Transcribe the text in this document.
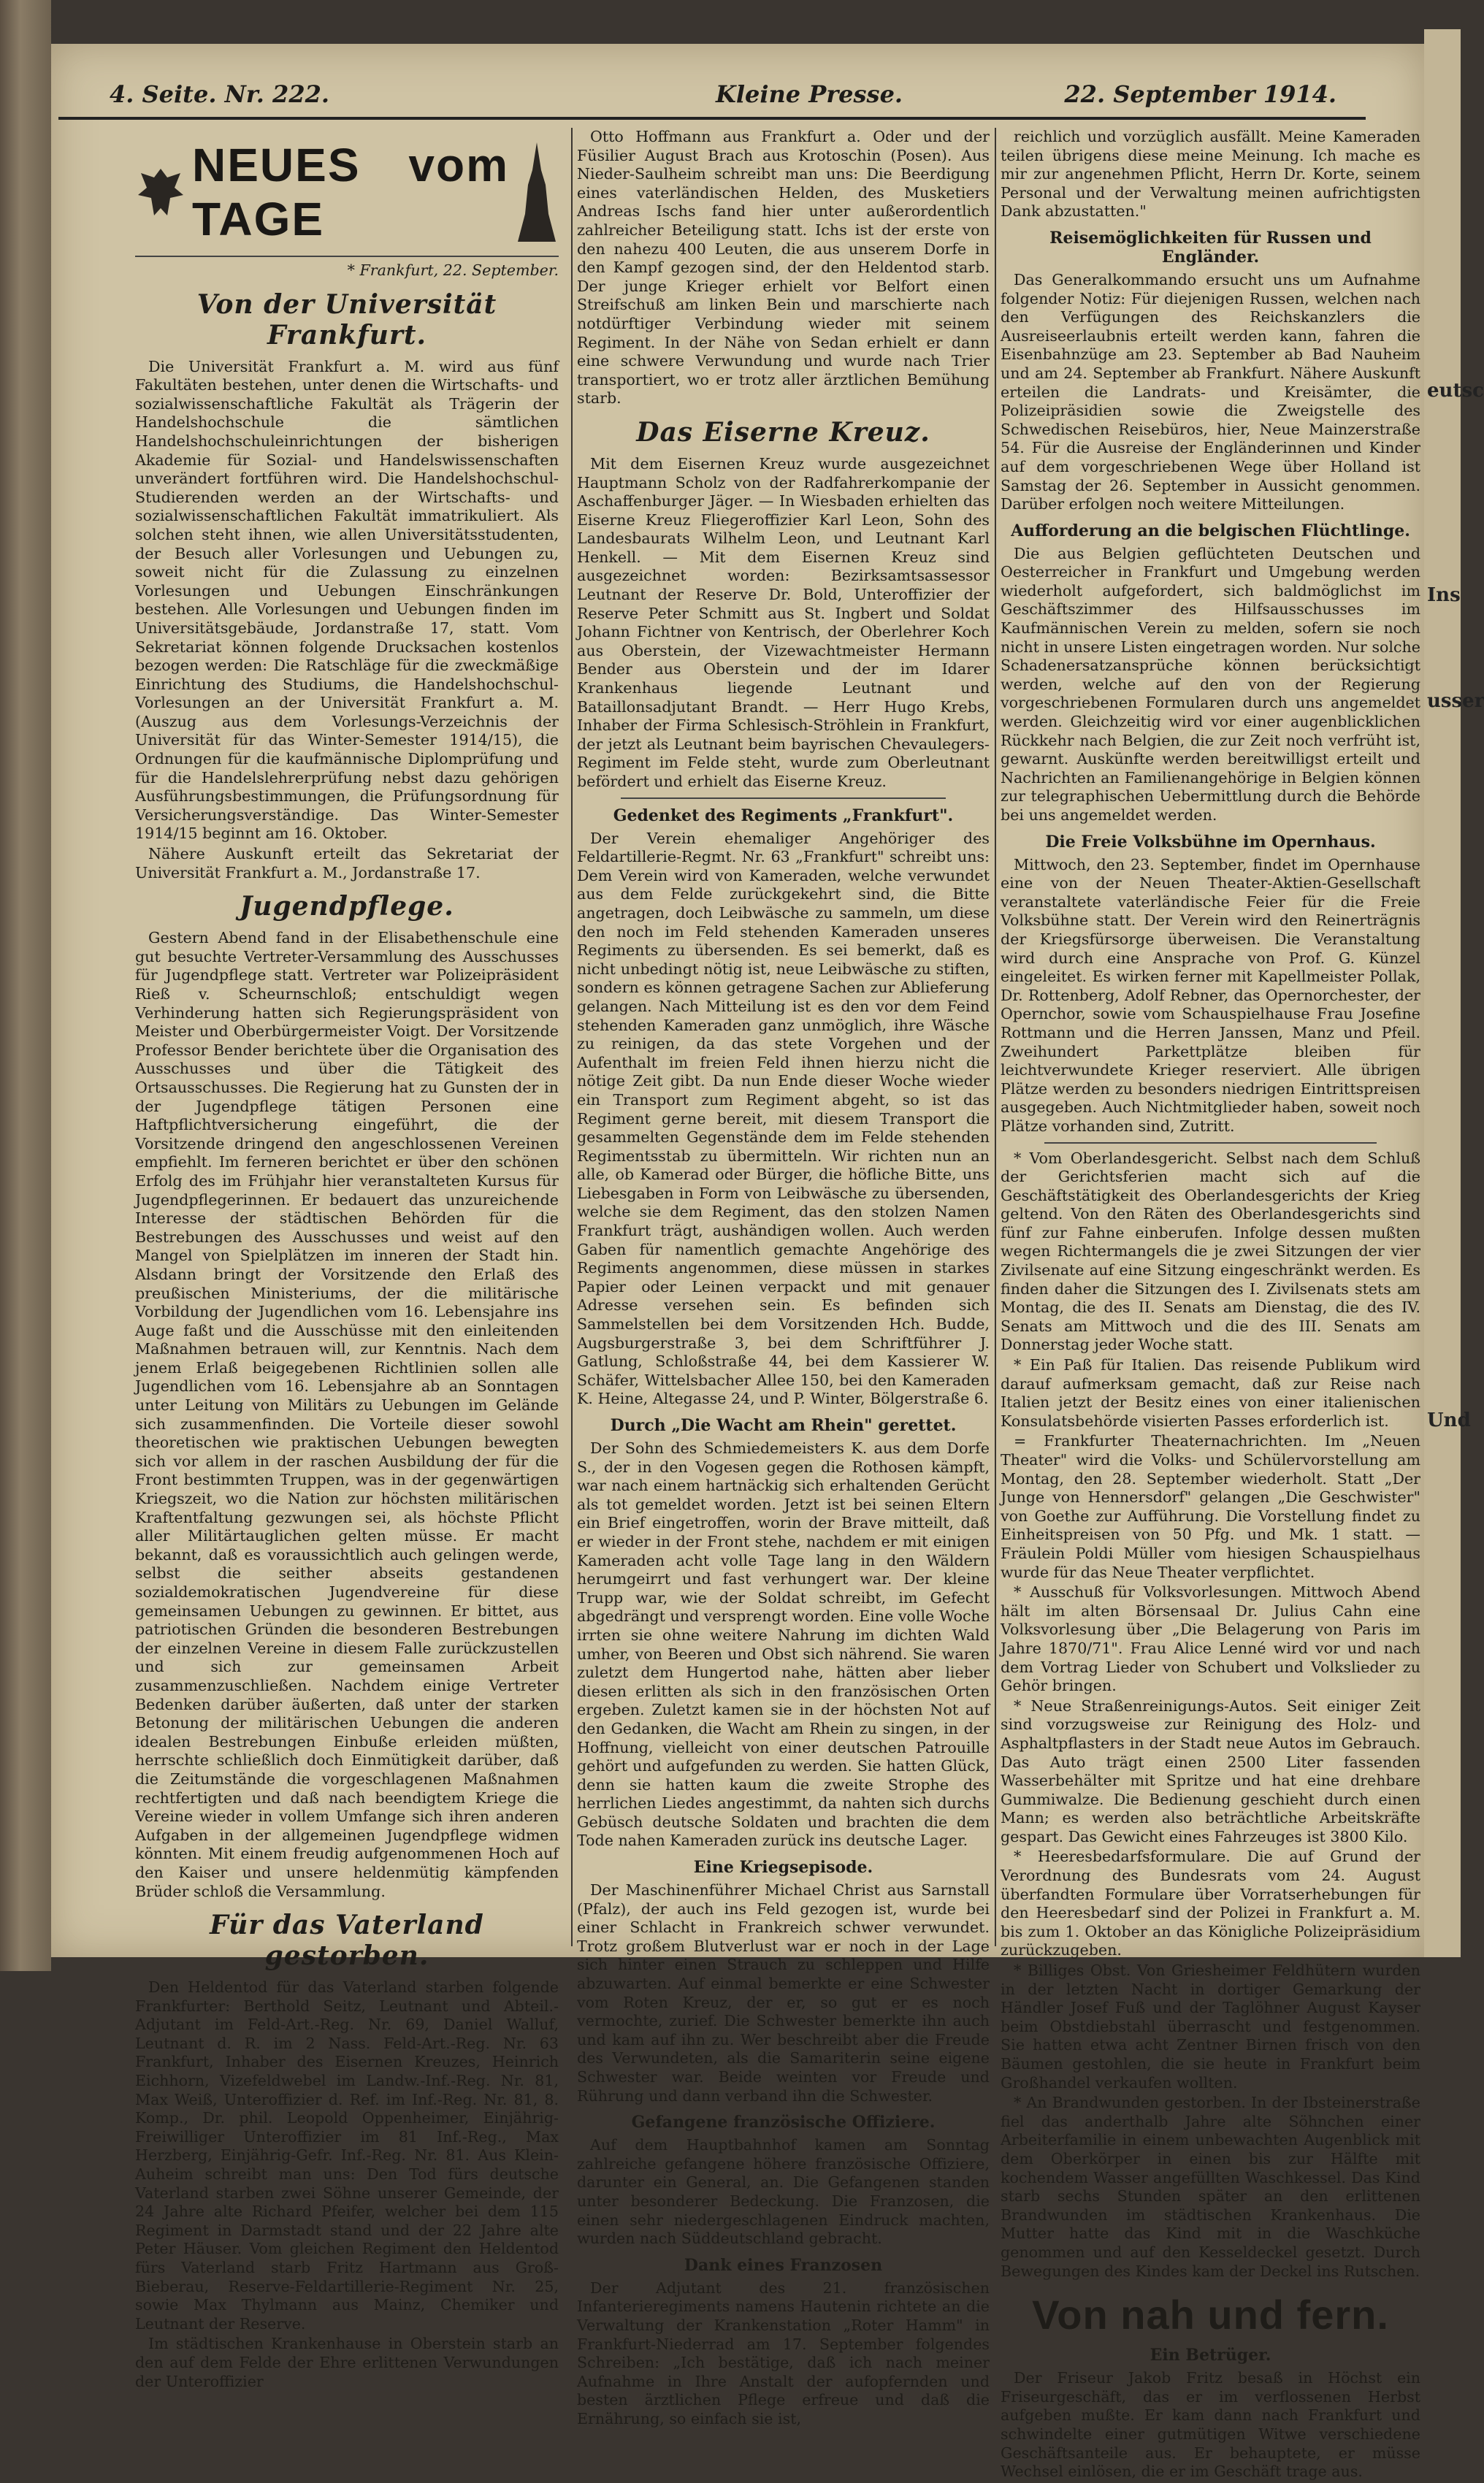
eutsc
Ins
usser
Und
4. Seite. Nr. 222.	Kleine Presse.	22. September 1914.
NEUES vom TAGE
* Frankfurt, 22. September.
Von der Universität Frankfurt.

Die Universität Frankfurt a. M. wird aus fünf Fakultäten bestehen, unter denen die Wirtschafts- und sozialwissenschaftliche Fakultät als Trägerin der Handelshochschule die sämtlichen Handelshochschuleinrichtungen der bisherigen Akademie für Sozial- und Handelswissenschaften unverändert fortführen wird. Die Handelshochschul-Studierenden werden an der Wirtschafts- und sozialwissenschaftlichen Fakultät immatrikuliert. Als solchen steht ihnen, wie allen Universitätsstudenten, der Besuch aller Vorlesungen und Uebungen zu, soweit nicht für die Zulassung zu einzelnen Vorlesungen und Uebungen Einschränkungen bestehen. Alle Vorlesungen und Uebungen finden im Universitätsgebäude, Jordanstraße 17, statt. Vom Sekretariat können folgende Drucksachen kostenlos bezogen werden: Die Ratschläge für die zweckmäßige Einrichtung des Studiums, die Handelshochschul-Vorlesungen an der Universität Frankfurt a. M. (Auszug aus dem Vorlesungs-Verzeichnis der Universität für das Winter-Semester 1914/15), die Ordnungen für die kaufmännische Diplomprüfung und für die Handelslehrerprüfung nebst dazu gehörigen Ausführungsbestimmungen, die Prüfungsordnung für Versicherungsverständige. Das Winter-Semester 1914/15 beginnt am 16. Oktober.

Nähere Auskunft erteilt das Sekretariat der Universität Frankfurt a. M., Jordanstraße 17.

Jugendpflege.

Gestern Abend fand in der Elisabethenschule eine gut besuchte Vertreter-Versammlung des Ausschusses für Jugendpflege statt. Vertreter war Polizeipräsident Rieß v. Scheurnschloß; entschuldigt wegen Verhinderung hatten sich Regierungspräsident von Meister und Oberbürgermeister Voigt. Der Vorsitzende Professor Bender berichtete über die Organisation des Ausschusses und über die Tätigkeit des Ortsausschusses. Die Regierung hat zu Gunsten der in der Jugendpflege tätigen Personen eine Haftpflichtversicherung eingeführt, die der Vorsitzende dringend den angeschlossenen Vereinen empfiehlt. Im ferneren berichtet er über den schönen Erfolg des im Frühjahr hier veranstalteten Kursus für Jugendpflegerinnen. Er bedauert das unzureichende Interesse der städtischen Behörden für die Bestrebungen des Ausschusses und weist auf den Mangel von Spielplätzen im inneren der Stadt hin. Alsdann bringt der Vorsitzende den Erlaß des preußischen Ministeriums, der die militärische Vorbildung der Jugendlichen vom 16. Lebensjahre ins Auge faßt und die Ausschüsse mit den einleitenden Maßnahmen betrauen will, zur Kenntnis. Nach dem jenem Erlaß beigegebenen Richtlinien sollen alle Jugendlichen vom 16. Lebensjahre ab an Sonntagen unter Leitung von Militärs zu Uebungen im Gelände sich zusammenfinden. Die Vorteile dieser sowohl theoretischen wie praktischen Uebungen bewegten sich vor allem in der raschen Ausbildung der für die Front bestimmten Truppen, was in der gegenwärtigen Kriegszeit, wo die Nation zur höchsten militärischen Kraftentfaltung gezwungen sei, als höchste Pflicht aller Militärtauglichen gelten müsse. Er macht bekannt, daß es voraussichtlich auch gelingen werde, selbst die seither abseits gestandenen sozialdemokratischen Jugendvereine für diese gemeinsamen Uebungen zu gewinnen. Er bittet, aus patriotischen Gründen die besonderen Bestrebungen der einzelnen Vereine in diesem Falle zurückzustellen und sich zur gemeinsamen Arbeit zusammenzuschließen. Nachdem einige Vertreter Bedenken darüber äußerten, daß unter der starken Betonung der militärischen Uebungen die anderen idealen Bestrebungen Einbuße erleiden müßten, herrschte schließlich doch Einmütigkeit darüber, daß die Zeitumstände die vorgeschlagenen Maßnahmen rechtfertigten und daß nach beendigtem Kriege die Vereine wieder in vollem Umfange sich ihren anderen Aufgaben in der allgemeinen Jugendpflege widmen könnten. Mit einem freudig aufgenommenen Hoch auf den Kaiser und unsere heldenmütig kämpfenden Brüder schloß die Versammlung.

Für das Vaterland gestorben.

Den Heldentod für das Vaterland starben folgende Frankfurter: Berthold Seitz, Leutnant und Abteil.-Adjutant im Feld-Art.-Reg. Nr. 69, Daniel Walluf, Leutnant d. R. im 2 Nass. Feld-Art.-Reg. Nr. 63 Frankfurt, Inhaber des Eisernen Kreuzes, Heinrich Eichhorn, Vizefeldwebel im Landw.-Inf.-Reg. Nr. 81, Max Weiß, Unteroffizier d. Ref. im Inf.-Reg. Nr. 81, 8. Komp., Dr. phil. Leopold Oppenheimer, Einjährig-Freiwilliger Unteroffizier im 81 Inf.-Reg., Max Herzberg, Einjährig-Gefr. Inf.-Reg. Nr. 81. Aus Klein-Auheim schreibt man uns: Den Tod fürs deutsche Vaterland starben zwei Söhne unserer Gemeinde, der 24 Jahre alte Richard Pfeifer, welcher bei dem 115 Regiment in Darmstadt stand und der 22 Jahre alte Peter Häuser. Vom gleichen Regiment den Heldentod fürs Vaterland starb Fritz Hartmann aus Groß-Bieberau, Reserve-Feldartillerie-Regiment Nr. 25, sowie Max Thylmann aus Mainz, Chemiker und Leutnant der Reserve.

Im städtischen Krankenhause in Oberstein starb an den auf dem Felde der Ehre erlittenen Verwundungen der Unteroffizier

Otto Hoffmann aus Frankfurt a. Oder und der Füsilier August Brach aus Krotoschin (Posen). Aus Nieder-Saulheim schreibt man uns: Die Beerdigung eines vaterländischen Helden, des Musketiers Andreas Ischs fand hier unter außerordentlich zahlreicher Beteiligung statt. Ichs ist der erste von den nahezu 400 Leuten, die aus unserem Dorfe in den Kampf gezogen sind, der den Heldentod starb. Der junge Krieger erhielt vor Belfort einen Streifschuß am linken Bein und marschierte nach notdürftiger Verbindung wieder mit seinem Regiment. In der Nähe von Sedan erhielt er dann eine schwere Verwundung und wurde nach Trier transportiert, wo er trotz aller ärztlichen Bemühung starb.

Das Eiserne Kreuz.

Mit dem Eisernen Kreuz wurde ausgezeichnet Hauptmann Scholz von der Radfahrerkompanie der Aschaffenburger Jäger. — In Wiesbaden erhielten das Eiserne Kreuz Fliegeroffizier Karl Leon, Sohn des Landesbaurats Wilhelm Leon, und Leutnant Karl Henkell. — Mit dem Eisernen Kreuz sind ausgezeichnet worden: Bezirksamtsassessor Leutnant der Reserve Dr. Bold, Unteroffizier der Reserve Peter Schmitt aus St. Ingbert und Soldat Johann Fichtner von Kentrisch, der Oberlehrer Koch aus Oberstein, der Vizewachtmeister Hermann Bender aus Oberstein und der im Idarer Krankenhaus liegende Leutnant und Bataillonsadjutant Brandt. — Herr Hugo Krebs, Inhaber der Firma Schlesisch-Ströhlein in Frankfurt, der jetzt als Leutnant beim bayrischen Chevaulegers-Regiment im Felde steht, wurde zum Oberleutnant befördert und erhielt das Eiserne Kreuz.

Gedenket des Regiments „Frankfurt".

Der Verein ehemaliger Angehöriger des Feldartillerie-Regmt. Nr. 63 „Frankfurt" schreibt uns: Dem Verein wird von Kameraden, welche verwundet aus dem Felde zurückgekehrt sind, die Bitte angetragen, doch Leibwäsche zu sammeln, um diese den noch im Feld stehenden Kameraden unseres Regiments zu übersenden. Es sei bemerkt, daß es nicht unbedingt nötig ist, neue Leibwäsche zu stiften, sondern es können getragene Sachen zur Ablieferung gelangen. Nach Mitteilung ist es den vor dem Feind stehenden Kameraden ganz unmöglich, ihre Wäsche zu reinigen, da das stete Vorgehen und der Aufenthalt im freien Feld ihnen hierzu nicht die nötige Zeit gibt. Da nun Ende dieser Woche wieder ein Transport zum Regiment abgeht, so ist das Regiment gerne bereit, mit diesem Transport die gesammelten Gegenstände dem im Felde stehenden Regimentsstab zu übermitteln. Wir richten nun an alle, ob Kamerad oder Bürger, die höfliche Bitte, uns Liebesgaben in Form von Leibwäsche zu übersenden, welche sie dem Regiment, das den stolzen Namen Frankfurt trägt, aushändigen wollen. Auch werden Gaben für namentlich gemachte Angehörige des Regiments angenommen, diese müssen in starkes Papier oder Leinen verpackt und mit genauer Adresse versehen sein. Es befinden sich Sammelstellen bei dem Vorsitzenden Hch. Budde, Augsburgerstraße 3, bei dem Schriftführer J. Gatlung, Schloßstraße 44, bei dem Kassierer W. Schäfer, Wittelsbacher Allee 150, bei den Kameraden K. Heine, Altegasse 24, und P. Winter, Bölgerstraße 6.

Durch „Die Wacht am Rhein" gerettet.

Der Sohn des Schmiedemeisters K. aus dem Dorfe S., der in den Vogesen gegen die Rothosen kämpft, war nach einem hartnäckig sich erhaltenden Gerücht als tot gemeldet worden. Jetzt ist bei seinen Eltern ein Brief eingetroffen, worin der Brave mitteilt, daß er wieder in der Front stehe, nachdem er mit einigen Kameraden acht volle Tage lang in den Wäldern herumgeirrt und fast verhungert war. Der kleine Trupp war, wie der Soldat schreibt, im Gefecht abgedrängt und versprengt worden. Eine volle Woche irrten sie ohne weitere Nahrung im dichten Wald umher, von Beeren und Obst sich nährend. Sie waren zuletzt dem Hungertod nahe, hätten aber lieber diesen erlitten als sich in den französischen Orten ergeben. Zuletzt kamen sie in der höchsten Not auf den Gedanken, die Wacht am Rhein zu singen, in der Hoffnung, vielleicht von einer deutschen Patrouille gehört und aufgefunden zu werden. Sie hatten Glück, denn sie hatten kaum die zweite Strophe des herrlichen Liedes angestimmt, da nahten sich durchs Gebüsch deutsche Soldaten und brachten die dem Tode nahen Kameraden zurück ins deutsche Lager.

Eine Kriegsepisode.

Der Maschinenführer Michael Christ aus Sarnstall (Pfalz), der auch ins Feld gezogen ist, wurde bei einer Schlacht in Frankreich schwer verwundet. Trotz großem Blutverlust war er noch in der Lage sich hinter einen Strauch zu schleppen und Hilfe abzuwarten. Auf einmal bemerkte er eine Schwester vom Roten Kreuz, der er, so gut er es noch vermochte, zurief. Die Schwester bemerkte ihn auch und kam auf ihn zu. Wer beschreibt aber die Freude des Verwundeten, als die Samariterin seine eigene Schwester war. Beide weinten vor Freude und Rührung und dann verband ihn die Schwester.

Gefangene französische Offiziere.

Auf dem Hauptbahnhof kamen am Sonntag zahlreiche gefangene höhere französische Offiziere, darunter ein General, an. Die Gefangenen standen unter besonderer Bedeckung. Die Franzosen, die einen sehr niedergeschlagenen Eindruck machten, wurden nach Süddeutschland gebracht.

Dank eines Franzosen

Der Adjutant des 21. französischen Infanterieregiments namens Hautenin richtete an die Verwaltung der Krankenstation „Roter Hamm" in Frankfurt-Niederrad am 17. September folgendes Schreiben: „Ich bestätige, daß ich nach meiner Aufnahme in Ihre Anstalt der aufopfernden und besten ärztlichen Pflege erfreue und daß die Ernährung, so einfach sie ist,

reichlich und vorzüglich ausfällt. Meine Kameraden teilen übrigens diese meine Meinung. Ich mache es mir zur angenehmen Pflicht, Herrn Dr. Korte, seinem Personal und der Verwaltung meinen aufrichtigsten Dank abzustatten."

Reisemöglichkeiten für Russen und Engländer.

Das Generalkommando ersucht uns um Aufnahme folgender Notiz: Für diejenigen Russen, welchen nach den Verfügungen des Reichskanzlers die Ausreiseerlaubnis erteilt werden kann, fahren die Eisenbahnzüge am 23. September ab Bad Nauheim und am 24. September ab Frankfurt. Nähere Auskunft erteilen die Landrats- und Kreisämter, die Polizeipräsidien sowie die Zweigstelle des Schwedischen Reisebüros, hier, Neue Mainzerstraße 54. Für die Ausreise der Engländerinnen und Kinder auf dem vorgeschriebenen Wege über Holland ist Samstag der 26. September in Aussicht genommen. Darüber erfolgen noch weitere Mitteilungen.

Aufforderung an die belgischen Flüchtlinge.

Die aus Belgien geflüchteten Deutschen und Oesterreicher in Frankfurt und Umgebung werden wiederholt aufgefordert, sich baldmöglichst im Geschäftszimmer des Hilfsausschusses im Kaufmännischen Verein zu melden, sofern sie noch nicht in unsere Listen eingetragen worden. Nur solche Schadenersatzansprüche können berücksichtigt werden, welche auf den von der Regierung vorgeschriebenen Formularen durch uns angemeldet werden. Gleichzeitig wird vor einer augenblicklichen Rückkehr nach Belgien, die zur Zeit noch verfrüht ist, gewarnt. Auskünfte werden bereitwilligst erteilt und Nachrichten an Familienangehörige in Belgien können zur telegraphischen Uebermittlung durch die Behörde bei uns angemeldet werden.

Die Freie Volksbühne im Opernhaus.

Mittwoch, den 23. September, findet im Opernhause eine von der Neuen Theater-Aktien-Gesellschaft veranstaltete vaterländische Feier für die Freie Volksbühne statt. Der Verein wird den Reinerträgnis der Kriegsfürsorge überweisen. Die Veranstaltung wird durch eine Ansprache von Prof. G. Künzel eingeleitet. Es wirken ferner mit Kapellmeister Pollak, Dr. Rottenberg, Adolf Rebner, das Opernorchester, der Opernchor, sowie vom Schauspielhause Frau Josefine Rottmann und die Herren Janssen, Manz und Pfeil. Zweihundert Parkettplätze bleiben für leichtverwundete Krieger reserviert. Alle übrigen Plätze werden zu besonders niedrigen Eintrittspreisen ausgegeben. Auch Nichtmitglieder haben, soweit noch Plätze vorhanden sind, Zutritt.

* Vom Oberlandesgericht. Selbst nach dem Schluß der Gerichtsferien macht sich auf die Geschäftstätigkeit des Oberlandesgerichts der Krieg geltend. Von den Räten des Oberlandesgerichts sind fünf zur Fahne einberufen. Infolge dessen mußten wegen Richtermangels die je zwei Sitzungen der vier Zivilsenate auf eine Sitzung eingeschränkt werden. Es finden daher die Sitzungen des I. Zivilsenats stets am Montag, die des II. Senats am Dienstag, die des IV. Senats am Mittwoch und die des III. Senats am Donnerstag jeder Woche statt.

* Ein Paß für Italien. Das reisende Publikum wird darauf aufmerksam gemacht, daß zur Reise nach Italien jetzt der Besitz eines von einer italienischen Konsulatsbehörde visierten Passes erforderlich ist.

= Frankfurter Theaternachrichten. Im „Neuen Theater" wird die Volks- und Schülervorstellung am Montag, den 28. September wiederholt. Statt „Der Junge von Hennersdorf" gelangen „Die Geschwister" von Goethe zur Aufführung. Die Vorstellung findet zu Einheitspreisen von 50 Pfg. und Mk. 1 statt. — Fräulein Poldi Müller vom hiesigen Schauspielhaus wurde für das Neue Theater verpflichtet.

* Ausschuß für Volksvorlesungen. Mittwoch Abend hält im alten Börsensaal Dr. Julius Cahn eine Volksvorlesung über „Die Belagerung von Paris im Jahre 1870/71". Frau Alice Lenné wird vor und nach dem Vortrag Lieder von Schubert und Volkslieder zu Gehör bringen.

* Neue Straßenreinigungs-Autos. Seit einiger Zeit sind vorzugsweise zur Reinigung des Holz- und Asphaltpflasters in der Stadt neue Autos im Gebrauch. Das Auto trägt einen 2500 Liter fassenden Wasserbehälter mit Spritze und hat eine drehbare Gummiwalze. Die Bedienung geschieht durch einen Mann; es werden also beträchtliche Arbeitskräfte gespart. Das Gewicht eines Fahrzeuges ist 3800 Kilo.

* Heeresbedarfsformulare. Die auf Grund der Verordnung des Bundesrats vom 24. August überfandten Formulare über Vorratserhebungen für den Heeresbedarf sind der Polizei in Frankfurt a. M. bis zum 1. Oktober an das Königliche Polizeipräsidium zurückzugeben.

* Billiges Obst. Von Griesheimer Feldhütern wurden in der letzten Nacht in dortiger Gemarkung der Händler Josef Fuß und der Taglöhner August Kayser beim Obstdiebstahl überrascht und festgenommen. Sie hatten etwa acht Zentner Birnen frisch von den Bäumen gestohlen, die sie heute in Frankfurt beim Großhandel verkaufen wollten.

* An Brandwunden gestorben. In der Ibsteinerstraße fiel das anderthalb Jahre alte Söhnchen einer Arbeiterfamilie in einem unbewachten Augenblick mit dem Oberkörper in einen bis zur Hälfte mit kochendem Wasser angefüllten Waschkessel. Das Kind starb sechs Stunden später an den erlittenen Brandwunden im städtischen Krankenhaus. Die Mutter hatte das Kind mit in die Waschküche genommen und auf den Kesseldeckel gesetzt. Durch Bewegungen des Kindes kam der Deckel ins Rutschen.

Von nah und fern.
Ein Betrüger.

Der Friseur Jakob Fritz besaß in Höchst ein Friseurgeschäft, das er im verflossenen Herbst aufgeben mußte. Er kam dann nach Frankfurt und schwindelte einer gutmütigen Witwe verschiedene Geschäftsanteile aus. Er behauptete, er müsse Wechsel einlösen, die er im Geschäft trage aus.
